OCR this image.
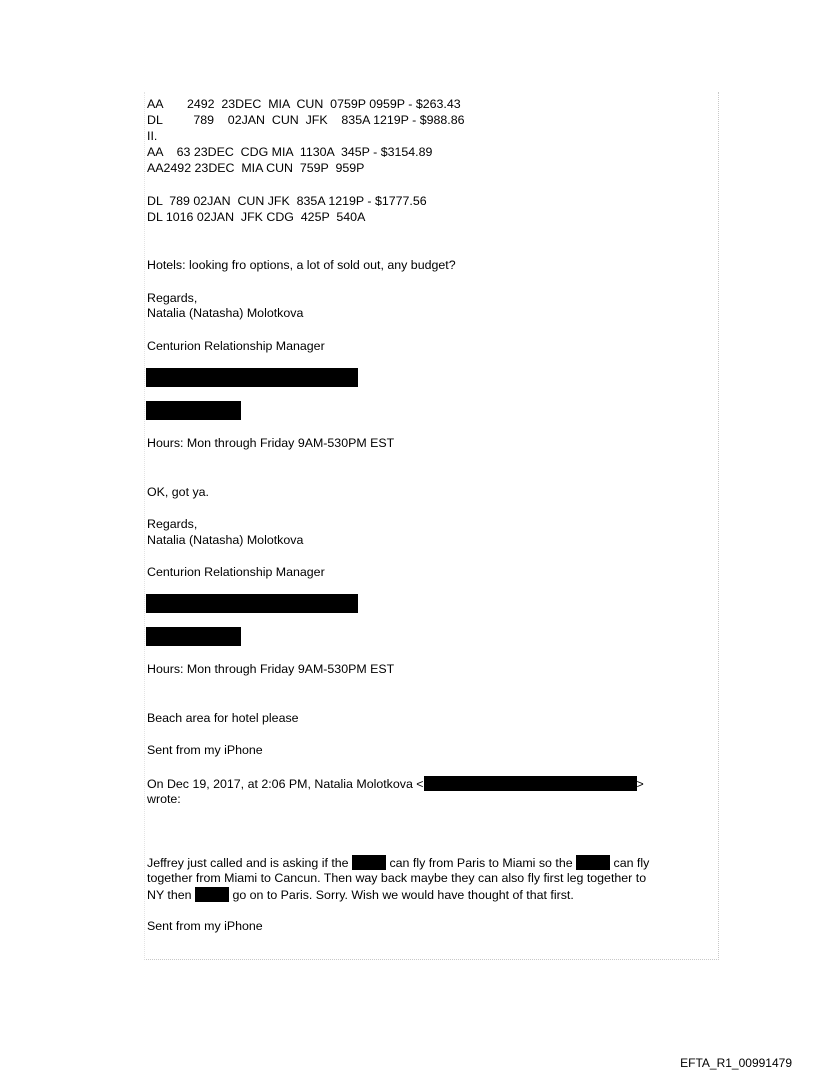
AA       2492  23DEC  MIA  CUN  0759P 0959P - $263.43

DL         789    02JAN  CUN  JFK    835A 1219P - $988.86

II.

AA    63 23DEC  CDG MIA  1130A  345P - $3154.89

AA2492 23DEC  MIA CUN  759P  959P

DL  789 02JAN  CUN JFK  835A 1219P - $1777.56

DL 1016 02JAN  JFK CDG  425P  540A

Hotels: looking fro options, a lot of sold out, any budget?

Regards,

Natalia (Natasha) Molotkova

Centurion Relationship Manager

Hours: Mon through Friday 9AM-530PM EST

OK, got ya.

Regards,

Natalia (Natasha) Molotkova

Centurion Relationship Manager

Hours: Mon through Friday 9AM-530PM EST

Beach area for hotel please

Sent from my iPhone

On Dec 19, 2017, at 2:06 PM, Natalia Molotkova <	>

wrote:

Jeffrey just called and is asking if the	can fly from Paris to Miami so the	can fly

together from Miami to Cancun. Then way back maybe they can also fly first leg together to

NY then	go on to Paris. Sorry. Wish we would have thought of that first.

Sent from my iPhone

EFTA_R1_00991479
